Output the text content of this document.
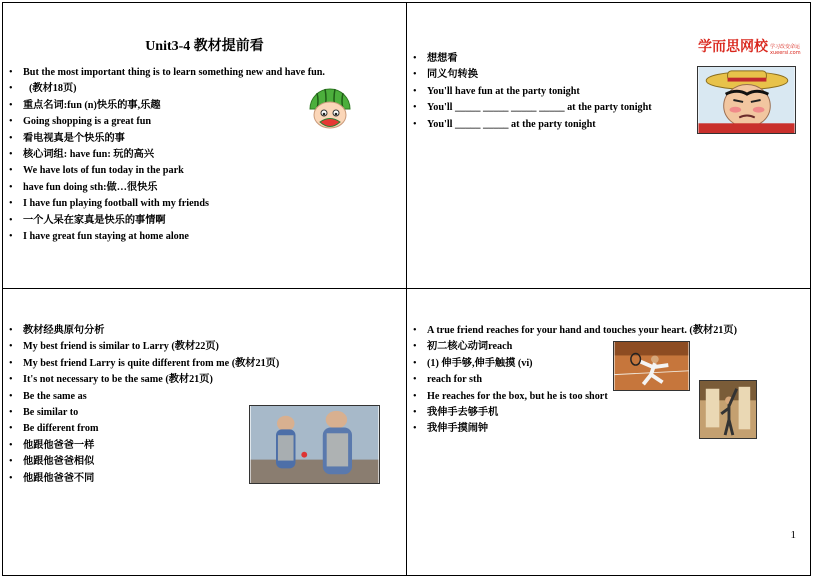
Unit3-4 教材提前看
• But the most important thing is to learn something new and have fun.
• (教材18页)
• 重点名词:fun (n)快乐的事,乐趣
• Going shopping is a great fun
• 看电视真是个快乐的事
• 核心词组: have fun: 玩的高兴
• We have lots of fun today in the park
• have fun doing sth:做…很快乐
• I have fun playing football with my friends
• 一个人呆在家真是快乐的事情啊
• I have great fun staying at home alone
学而思网校 学习改变命运 xueersi.com
• 想想看
• 同义句转换
• You'll have fun at the party tonight
• You'll _____ _____ _____ _____ at the party tonight
• You'll _____ _____ at the party tonight
• 教材经典原句分析
• My best friend is similar to Larry (教材22页)
• My best friend Larry is quite different from me (教材21页)
• It's not necessary to be the same (教材21页)
• Be the same as
• Be similar to
• Be different from
• 他跟他爸爸一样
• 他跟他爸爸相似
• 他跟他爸爸不同
• A true friend reaches for your hand and touches your heart. (教材21页)
• 初二核心动词reach
• (1) 伸手够,伸手触摸 (vi)
• reach for sth
• He reaches for the box, but he is too short
• 我伸手去够手机
• 我伸手摸闹钟
1
